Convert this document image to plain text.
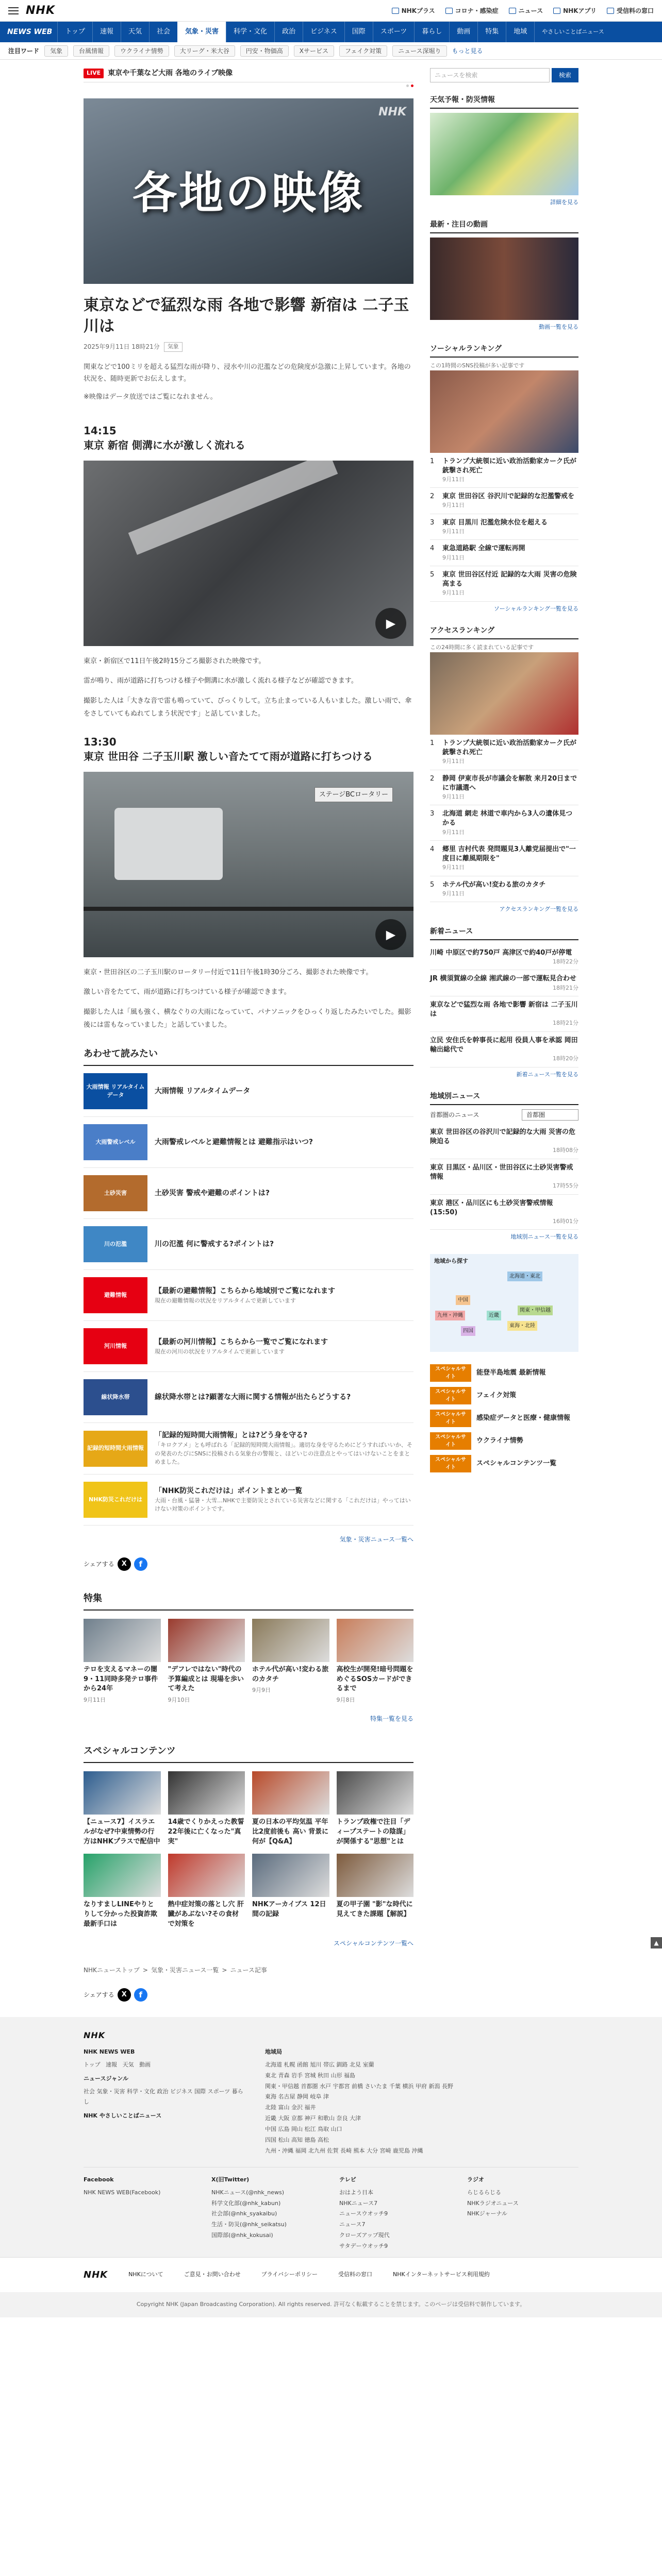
NHK	NHKプラス	コロナ・感染症	ニュース	NHKアプリ	受信料の窓口
NEWS WEB	トップ	速報	天気	社会	気象・災害	科学・文化	政治	ビジネス	国際	スポーツ	暮らし	動画	特集	地域	やさしいことばニュース
注目ワード	気象	台風情報	ウクライナ情勢	大リーグ・米大谷	円安・物価高	Xサービス	フェイク対策	ニュース深堀り	もっと見る
LIVE	東京や千葉など大雨 各地のライブ映像
NHK
各地の映像
東京などで猛烈な雨 各地で影響 新宿は 二子玉川は
2025年9月11日 18時21分	気象

関東などで100ミリを超える猛烈な雨が降り、浸水や川の氾濫などの危険度が急激に上昇しています。各地の状況を、随時更新でお伝えします。

※映像はデータ放送ではご覧になれません。

14:15
東京 新宿 側溝に水が激しく流れる
▶

東京・新宿区で11日午後2時15分ごろ撮影された映像です。

雷が鳴り、雨が道路に打ちつける様子や側溝に水が激しく流れる様子などが確認できます。

撮影した人は「大きな音で雷も鳴っていて、びっくりして。立ち止まっている人もいました。激しい雨で、傘をさしていてもぬれてしまう状況です」と話していました。

13:30
東京 世田谷 二子玉川駅 激しい音たてて雨が道路に打ちつける
ステージBCロータリー
▶

東京・世田谷区の二子玉川駅のロータリー付近で11日午後1時30分ごろ、撮影された映像です。

激しい音をたてて、雨が道路に打ちつけている様子が確認できます。

撮影した人は「風も強く、横なぐりの大雨になっていて、パナソニックをひっくり返したみたいでした。撮影後には雷もなっていました」と話していました。

あわせて読みたい
大雨情報 リアルタイムデータ	大雨情報 リアルタイムデータ
大雨警戒レベル	大雨警戒レベルと避難情報とは 避難指示はいつ?
土砂災害	土砂災害 警戒や避難のポイントは?
川の氾濫	川の氾濫 何に警戒する?ポイントは?
避難情報	【最新の避難情報】こちらから地域別でご覧になれます
現在の避難情報の状況をリアルタイムで更新しています
河川情報	【最新の河川情報】こちらから一覧でご覧になれます
現在の河川の状況をリアルタイムで更新しています
線状降水帯	線状降水帯とは?顕著な大雨に関する情報が出たらどうする?
記録的短時間大雨情報
「記録的短時間大雨情報」とは?どう身を守る?
「キロクアメ」とも呼ばれる「記録的短時間大雨情報」。適切な身を守るためにどうすればいいか、その発表のたびにSNSに投稿される気象台の警報と、ほどいじの注意点とやってはいけないことをまとめました。
NHK防災これだけは
「NHK防災これだけは」ポイントまとめ一覧
大雨・台風・猛暑・大雪…NHKで主要防災とされている災害などに関する「これだけは」やってはいけない対策のポイントです。
気象・災害ニュース一覧へ
シェアする	X	f
特集
テロを支えるマネーの闇 9・11同時多発テロ事件から24年
9月11日
"デフレではない"時代の予算編成とは 現場を歩いて考えた
9月10日
ホテル代が高い!変わる旅のカタチ
9月9日
高校生が開発!暗号問題をめぐるSOSカードができるまで
9月8日
特集一覧を見る
スペシャルコンテンツ
【ニュース7】イスラエルがなぜ?中東情勢の行方はNHKプラスで配信中
14歳でくりかえった教誓 22年後に亡くなった"真実"
夏の日本の平均気温 平年比2度前後も 高い 背景に何が【Q&A】
トランプ政権で注目「ディープステートの陰謀」が関係する"思想"とは
なりすましLINEやりとりして分かった投資詐欺 最新手口は
熱中症対策の落とし穴 肝臓があぶない?その食材で対策を
NHKアーカイブス 12日間の記録
夏の甲子園 "影"な時代に見えてきた課題【解説】
スペシャルコンテンツ一覧へ
NHKニューストップ > 気象・災害ニュース一覧 > ニュース記事
シェアする	X	f
ニュースを検索	検索
天気予報・防災情報
詳細を見る
最新・注目の動画
動画一覧を見る
ソーシャルランキング
この1時間のSNS投稿が多い記事です
1	トランプ大統領に近い政治活動家カーク氏が銃撃され死亡
9月11日
2	東京 世田谷区 谷沢川で記録的な氾濫警戒を
9月11日
3	東京 目黒川 氾濫危険水位を超える
9月11日
4	東急道路駅 全線で運転再開
9月11日
5	東京 世田谷区付近 記録的な大雨 災害の危険高まる
9月11日
ソーシャルランキング一覧を見る
アクセスランキング
この24時間に多く読まれている記事です
1	トランプ大統領に近い政治活動家カーク氏が銃撃され死亡
9月11日
2	静岡 伊東市長が市議会を解散 来月20日までに市議選へ
9月11日
3	北海道 網走 林道で車内から3人の遺体見つかる
9月11日
4	郷里 吉村代表 発問題見3人離党届提出で"一度目に離風期限を"
9月11日
5	ホテル代が高い!変わる旅のカタチ
9月11日
アクセスランキング一覧を見る
新着ニュース
川崎 中原区で約750戸 高津区で約40戸が停電
18時22分
JR 横須賀線の全線 湘武線の一部で運転見合わせ
18時21分
東京などで猛烈な雨 各地で影響 新宿は 二子玉川は
18時21分
立民 安住氏を幹事長に起用 役員人事を承認 岡田輸出総代で
18時20分
新着ニュース一覧を見る
地域別ニュース
首都圏のニュース	首都圏
東京 世田谷区の谷沢川で記録的な大雨 災害の危険迫る
18時08分
東京 目黒区・品川区・世田谷区に土砂災害警戒情報
17時55分
東京 港区・品川区にも土砂災害警戒情報(15:50)
16時01分
地域別ニュース一覧を見る
地域から探す
北海道・東北
中国
九州・沖縄
関東・甲信越
四国
東海・北陸
近畿
スペシャルサイト
能登半島地震 最新情報
スペシャルサイト
フェイク対策
スペシャルサイト
感染症データと医療・健康情報
スペシャルサイト
ウクライナ情勢
スペシャルサイト
スペシャルコンテンツ一覧
NHK
NHK NEWS WEB
トップ 速報 天気 動画
ニュースジャンル
社会 気象・災害 科学・文化 政治 ビジネス 国際 スポーツ 暮らし
NHK やさしいことばニュース
地域局
北海道 札幌 函館 旭川 帯広 釧路 北見 室蘭
東北 青森 岩手 宮城 秋田 山形 福島
関東・甲信越 首都圏 水戸 宇都宮 前橋 さいたま 千葉 横浜 甲府 新潟 長野
東海 名古屋 静岡 岐阜 津
北陸 富山 金沢 福井
近畿 大阪 京都 神戸 和歌山 奈良 大津
中国 広島 岡山 松江 鳥取 山口
四国 松山 高知 徳島 高松
九州・沖縄 福岡 北九州 佐賀 長崎 熊本 大分 宮崎 鹿児島 沖縄
Facebook
NHK NEWS WEB(Facebook)
X(旧Twitter)
NHKニュース(@nhk_news)
科学文化部(@nhk_kabun)
社会部(@nhk_syakaibu)
生活・防災(@nhk_seikatsu)
国際部(@nhk_kokusai)
テレビ
おはよう日本
NHKニュース7
ニュースウオッチ9
ニュース7
クローズアップ現代
サタデーウオッチ9
ラジオ
らじるらじる
NHKラジオニュース
NHKジャーナル
NHK	NHKについて	ご意見・お問い合わせ	プライバシーポリシー	受信料の窓口	NHKインターネットサービス利用規約
Copyright NHK (Japan Broadcasting Corporation). All rights reserved. 許可なく転載することを禁じます。このページは受信料で制作しています。
▲
